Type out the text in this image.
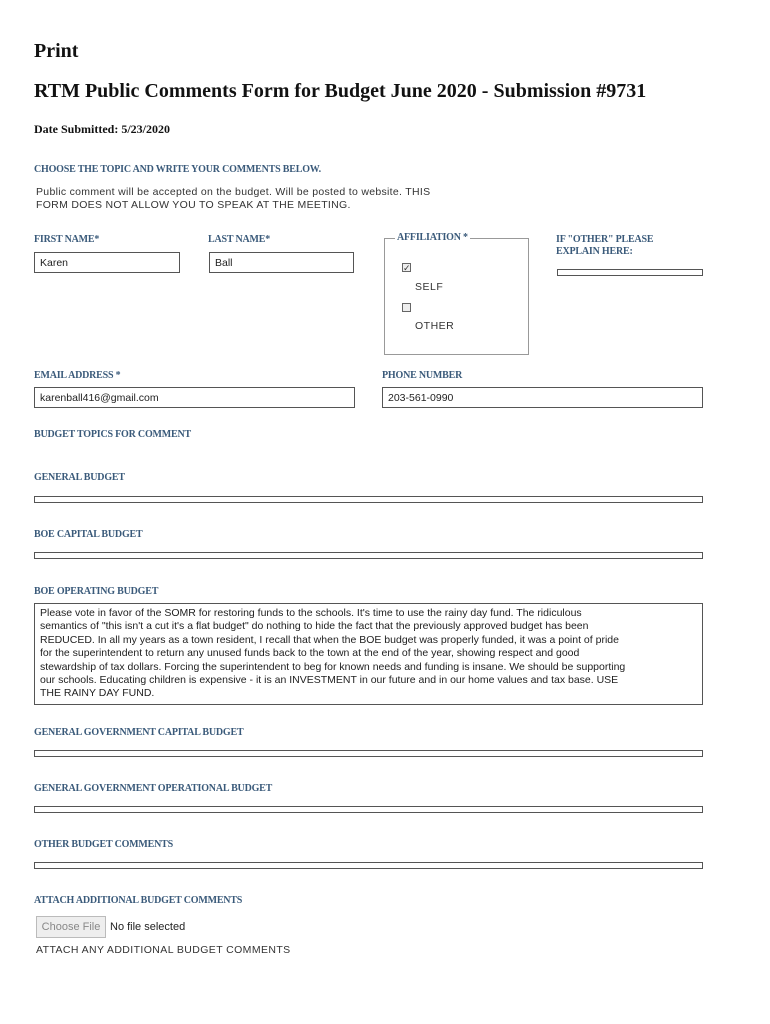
Print
RTM Public Comments Form for Budget June 2020 - Submission #9731
Date Submitted: 5/23/2020
CHOOSE THE TOPIC AND WRITE YOUR COMMENTS BELOW.
Public comment will be accepted on the budget. Will be posted to website. THIS
FORM DOES NOT ALLOW YOU TO SPEAK AT THE MEETING.
FIRST NAME*
Karen
LAST NAME*
Ball
AFFILIATION *
✓
SELF
OTHER
IF "OTHER" PLEASE
EXPLAIN HERE:
EMAIL ADDRESS *
karenball416@gmail.com
PHONE NUMBER
203-561-0990
BUDGET TOPICS FOR COMMENT
GENERAL BUDGET
BOE CAPITAL BUDGET
BOE OPERATING BUDGET
Please vote in favor of the SOMR for restoring funds to the schools. It's time to use the rainy day fund. The ridiculous
semantics of "this isn't a cut it's a flat budget" do nothing to hide the fact that the previously approved budget has been
REDUCED. In all my years as a town resident, I recall that when the BOE budget was properly funded, it was a point of pride
for the superintendent to return any unused funds back to the town at the end of the year, showing respect and good
stewardship of tax dollars. Forcing the superintendent to beg for known needs and funding is insane. We should be supporting
our schools. Educating children is expensive - it is an INVESTMENT in our future and in our home values and tax base. USE
THE RAINY DAY FUND.
GENERAL GOVERNMENT CAPITAL BUDGET
GENERAL GOVERNMENT OPERATIONAL BUDGET
OTHER BUDGET COMMENTS
ATTACH ADDITIONAL BUDGET COMMENTS
Choose File No file selected
ATTACH ANY ADDITIONAL BUDGET COMMENTS
